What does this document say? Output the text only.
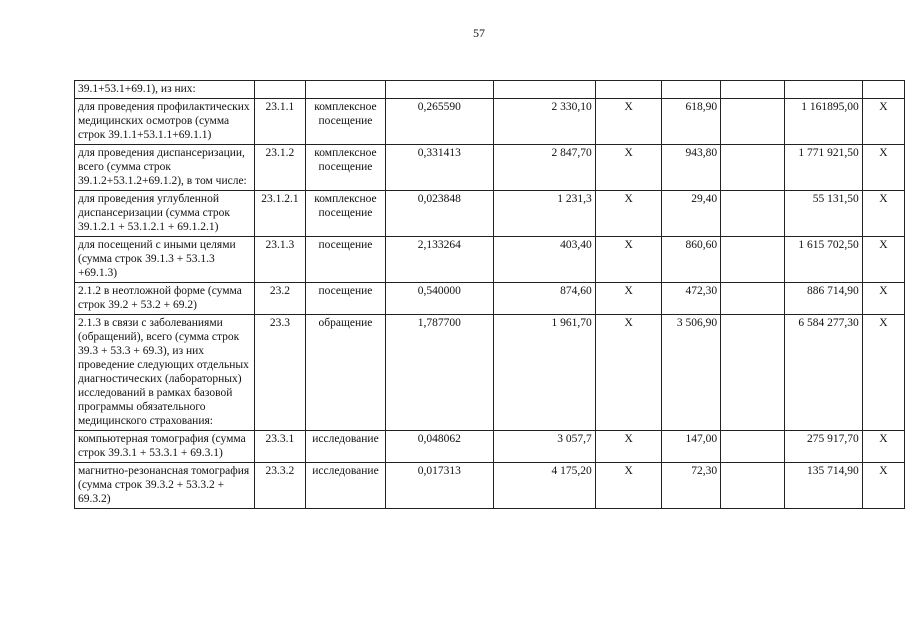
57
39.1+53.1+69.1), из них:									
для проведения профилактических медицинских осмотров (сумма строк 39.1.1+53.1.1+69.1.1)	23.1.1	комплексное посещение	0,265590	2 330,10	X	618,90		1 161895,00	X
для проведения диспансеризации, всего (сумма строк 39.1.2+53.1.2+69.1.2), в том числе:	23.1.2	комплексное посещение	0,331413	2 847,70	X	943,80		1 771 921,50	X
для проведения углубленной диспансеризации (сумма строк 39.1.2.1 + 53.1.2.1 + 69.1.2.1)	23.1.2.1	комплексное посещение	0,023848	1 231,3	X	29,40		55 131,50	X
для посещений с иными целями (сумма строк 39.1.3 + 53.1.3 +69.1.3)	23.1.3	посещение	2,133264	403,40	X	860,60		1 615 702,50	X
2.1.2 в неотложной форме (сумма строк 39.2 + 53.2 + 69.2)	23.2	посещение	0,540000	874,60	X	472,30		886 714,90	X
2.1.3 в связи с заболеваниями (обращений), всего (сумма строк 39.3 + 53.3 + 69.3), из них проведение следующих отдельных диагностических (лабораторных) исследований в рамках базовой программы обязательного медицинского страхования:	23.3	обращение	1,787700	1 961,70	X	3 506,90		6 584 277,30	X
компьютерная томография (сумма строк 39.3.1 + 53.3.1 + 69.3.1)	23.3.1	исследование	0,048062	3 057,7	X	147,00		275 917,70	X
магнитно-резонансная томография (сумма строк 39.3.2 + 53.3.2 + 69.3.2)	23.3.2	исследование	0,017313	4 175,20	X	72,30		135 714,90	X
